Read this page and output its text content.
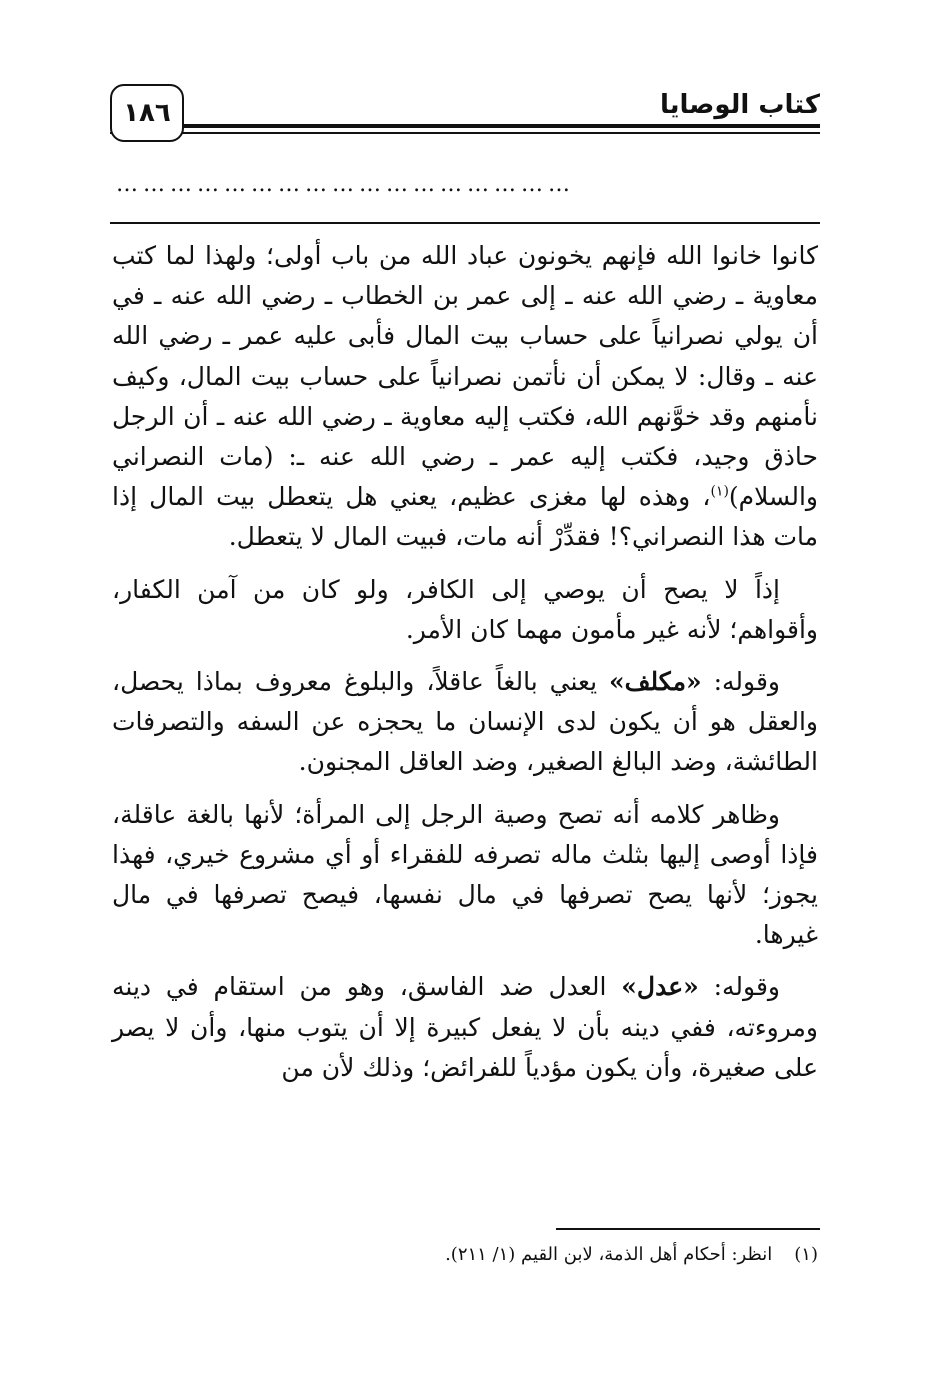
١٨٦	كتاب الوصايا
……………………………………………

كانوا خانوا الله فإنهم يخونون عباد الله من باب أولى؛ ولهذا لما كتب معاوية ـ رضي الله عنه ـ إلى عمر بن الخطاب ـ رضي الله عنه ـ في أن يولي نصرانياً على حساب بيت المال فأبى عليه عمر ـ رضي الله عنه ـ وقال: لا يمكن أن نأتمن نصرانياً على حساب بيت المال، وكيف نأمنهم وقد خوَّنهم الله، فكتب إليه معاوية ـ رضي الله عنه ـ أن الرجل حاذق وجيد، فكتب إليه عمر ـ رضي الله عنه ـ: (مات النصراني والسلام)$^{(١)}$، وهذه لها مغزى عظيم، يعني هل يتعطل بيت المال إذا مات هذا النصراني؟! فقدِّرْ أنه مات، فبيت المال لا يتعطل.

إذاً لا يصح أن يوصي إلى الكافر، ولو كان من آمن الكفار، وأقواهم؛ لأنه غير مأمون مهما كان الأمر.

وقوله: «مكلف» يعني بالغاً عاقلاً، والبلوغ معروف بماذا يحصل، والعقل هو أن يكون لدى الإنسان ما يحجزه عن السفه والتصرفات الطائشة، وضد البالغ الصغير، وضد العاقل المجنون.

وظاهر كلامه أنه تصح وصية الرجل إلى المرأة؛ لأنها بالغة عاقلة، فإذا أوصى إليها بثلث ماله تصرفه للفقراء أو أي مشروع خيري، فهذا يجوز؛ لأنها يصح تصرفها في مال نفسها، فيصح تصرفها في مال غيرها.

وقوله: «عدل» العدل ضد الفاسق، وهو من استقام في دينه ومروءته، ففي دينه بأن لا يفعل كبيرة إلا أن يتوب منها، وأن لا يصر على صغيرة، وأن يكون مؤدياً للفرائض؛ وذلك لأن من

(١)انظر: أحكام أهل الذمة، لابن القيم (١/ ٢١١).
